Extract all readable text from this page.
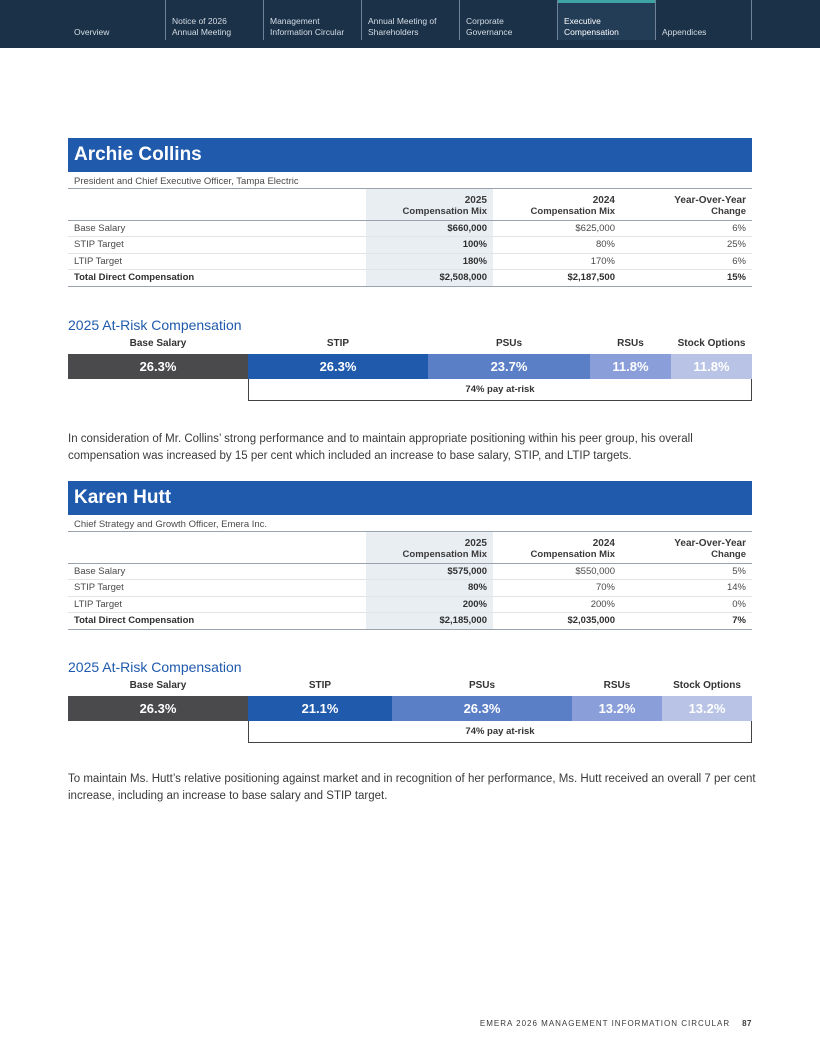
Overview
Notice of 2026
Annual Meeting
Management
Information Circular
Annual Meeting of
Shareholders
Corporate
Governance
Executive
Compensation	Appendices
Archie Collins
President and Chief Executive Officer, Tampa Electric
	2025	2024	Year-Over-Year
	Compensation Mix	Compensation Mix	Change
Base Salary	$660,000	$625,000	6%
STIP Target	100%	80%	25%
LTIP Target	180%	170%	6%
Total Direct Compensation	$2,508,000	$2,187,500	15%
2025 At-Risk Compensation
Base Salary	STIP	PSUs	RSUs	Stock Options
26.3%	26.3%	23.7%	11.8%	11.8%
74% pay at-risk
In consideration of Mr. Collins’ strong performance and to maintain appropriate positioning within his peer group, his overall compensation was increased by 15 per cent which included an increase to base salary, STIP, and LTIP targets.
Karen Hutt
Chief Strategy and Growth Officer, Emera Inc.
	2025	2024	Year-Over-Year
	Compensation Mix	Compensation Mix	Change
Base Salary	$575,000	$550,000	5%
STIP Target	80%	70%	14%
LTIP Target	200%	200%	0%
Total Direct Compensation	$2,185,000	$2,035,000	7%
2025 At-Risk Compensation
Base Salary	STIP	PSUs	RSUs	Stock Options
26.3%	21.1%	26.3%	13.2%	13.2%
74% pay at-risk
To maintain Ms. Hutt’s relative positioning against market and in recognition of her performance, Ms. Hutt received an overall 7 per cent increase, including an increase to base salary and STIP target.
EMERA 2026 MANAGEMENT INFORMATION CIRCULAR 87
